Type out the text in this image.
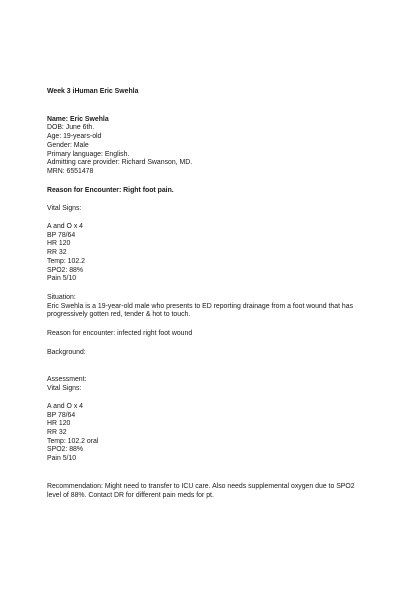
Week 3 iHuman Eric Swehla
Name: Eric Swehla
DOB: June 6th.
Age: 19-years-old
Gender: Male
Primary language: English.
Admitting care provider: Richard Swanson, MD.
MRN: 6551478
Reason for Encounter: Right foot pain.
Vital Signs:
A and O x 4
BP 78/64
HR 120
RR 32
Temp: 102.2
SPO2: 88%
Pain 5/10
Situation:
Eric Swehla is a 19-year-old male who presents to ED reporting drainage from a foot wound that has progressively gotten red, tender & hot to touch.
Reason for encounter: infected right foot wound
Background:
Assessment:
Vital Signs:
A and O x 4
BP 78/64
HR 120
RR 32
Temp: 102.2 oral
SPO2: 88%
Pain 5/10
Recommendation: Might need to transfer to ICU care. Also needs supplemental oxygen due to SPO2 level of 88%. Contact DR for different pain meds for pt.
